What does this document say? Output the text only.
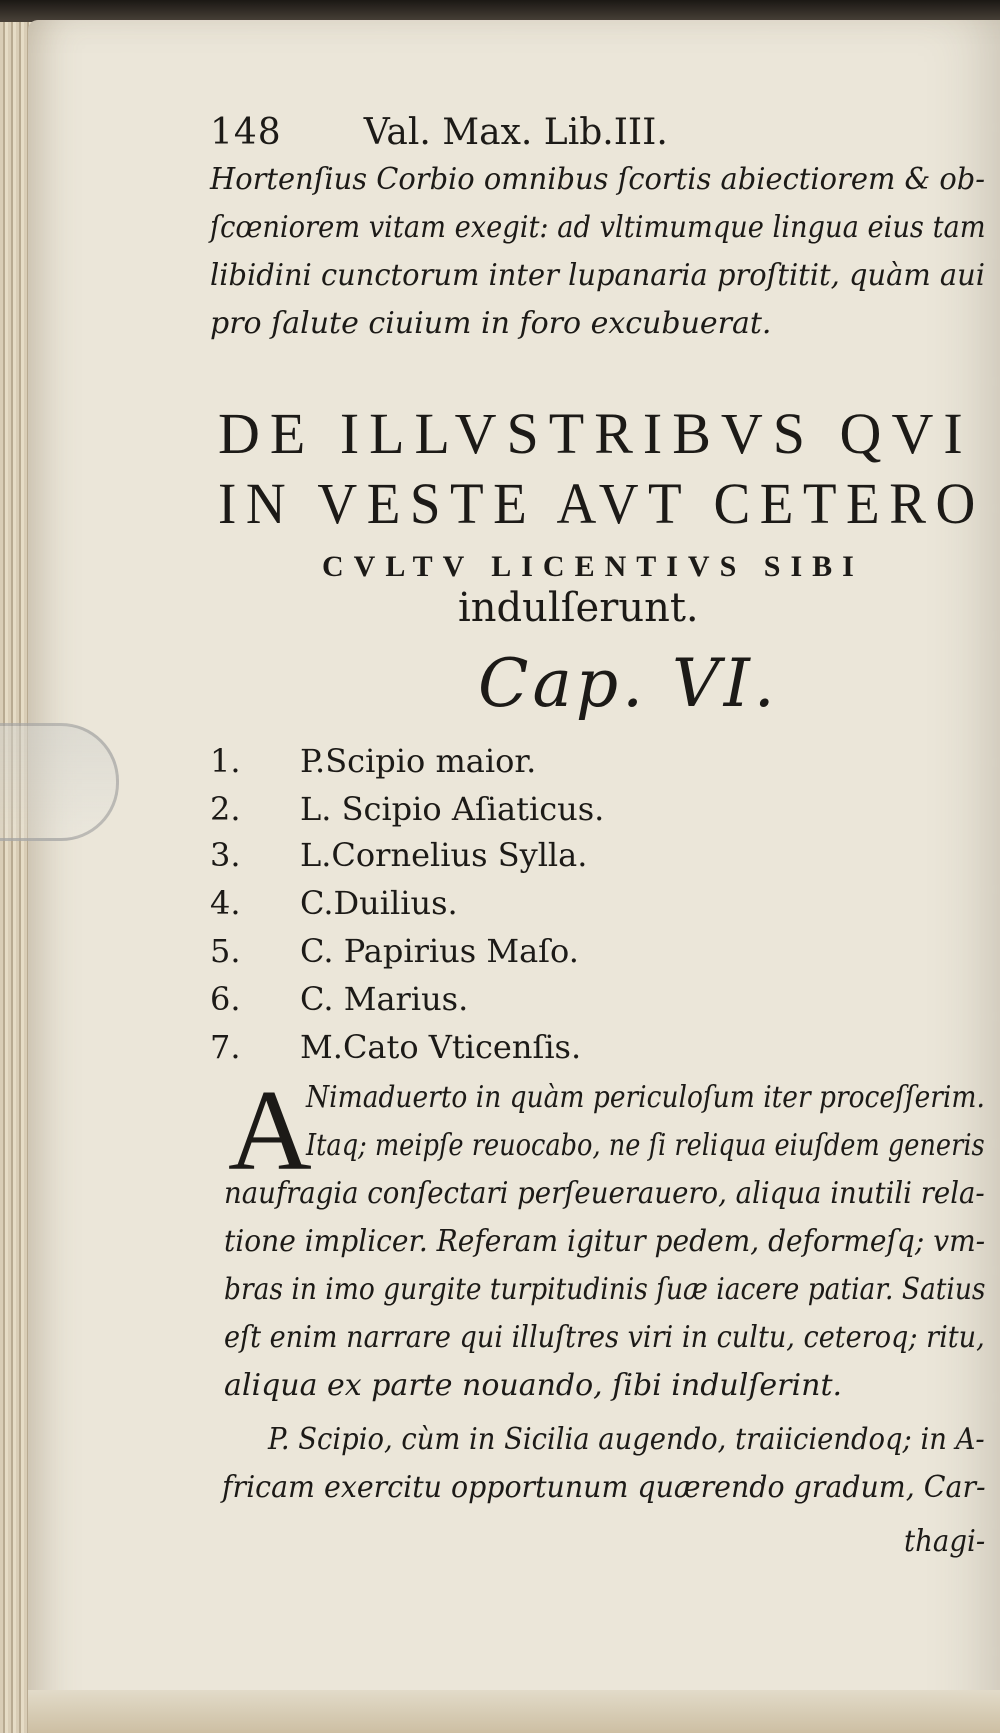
148 Val. Max. Lib.III.
Hortenſius Corbio omnibus ſcortis abiectiorem & ob-
ſcœniorem vitam exegit: ad vltimumque lingua eius tam
libidini cunctorum inter lupanaria proſtitit, quàm aui
pro ſalute ciuium in foro excubuerat.
DE ILLVSTRIBVS QVI
IN VESTE AVT CETERO
CVLTV LICENTIVS SIBI
indulſerunt.
Cap. VI.
1. P.Scipio maior.
2. L. Scipio Aſiaticus.
3. L.Cornelius Sylla.
4. C.Duilius.
5. C. Papirius Maſo.
6. C. Marius.
7. M.Cato Vticenſis.
A
Nimaduerto in quàm periculoſum iter proceſſerim.
Itaq; meipſe reuocabo, ne ſi reliqua eiuſdem generis
naufragia conſectari perſeuerauero, aliqua inutili rela-
tione implicer. Referam igitur pedem, deformeſq; vm-
bras in imo gurgite turpitudinis ſuæ iacere patiar. Satius
eſt enim narrare qui illuſtres viri in cultu, ceteroq; ritu,
aliqua ex parte nouando, ſibi indulſerint.
P. Scipio, cùm in Sicilia augendo, traiiciendoq; in A-
fricam exercitu opportunum quærendo gradum, Car-
thagi-
